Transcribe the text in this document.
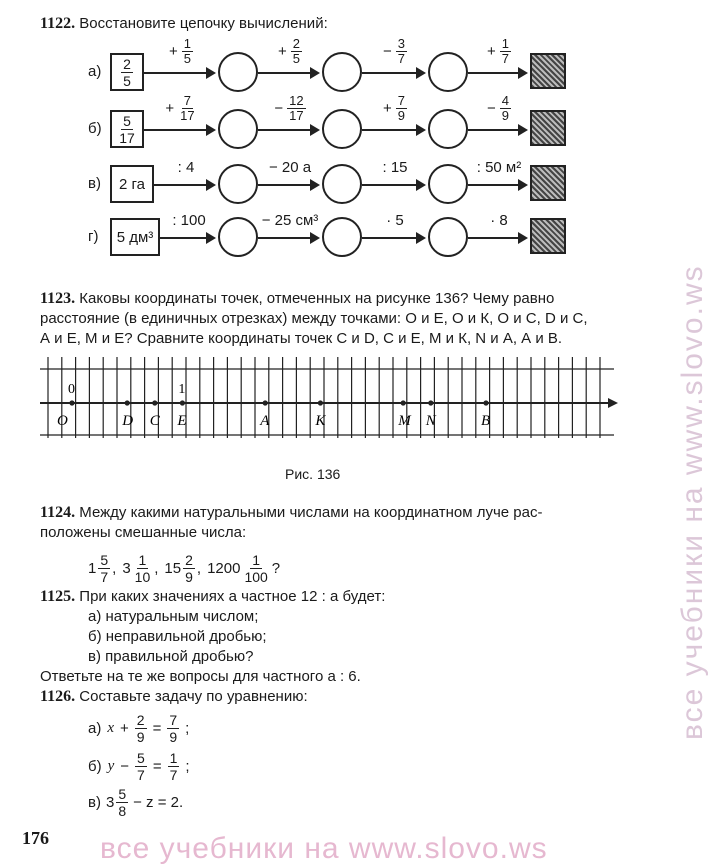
1122. Восстановите цепочку вычислений:
$а) \frac{2}{5}$
+ $\frac{1}{5}$	+ $\frac{2}{5}$	− $\frac{3}{7}$	+ $\frac{1}{7}$
$б) \frac{5}{17}$
+ $\frac{7}{17}$	− $\frac{12}{17}$	+ $\frac{7}{9}$	− $\frac{4}{9}$
в)	2 га
: 4	− 20 а	: 15	: 50 м²
г)	5 дм³
: 100	− 25 см³	· 5	· 8
1123. Каковы координаты точек, отмеченных на рисунке 136? Чему равно
расстояние (в единичных отрезках) между точками: О и Е, О и К, О и С, D и С,
А и Е, М и Е? Сравните координаты точек С и D, С и Е, М и К, N и А, А и В.
0	1
O	D C E	A	K	M N	B
Рис. 136
1124. Между какими натуральными числами на координатном луче рас-
положены смешанные числа:
$1 \frac{5}{7}$ , $3 \frac{1}{10}$ , $15 \frac{2}{9}$ , $1200 \frac{1}{100}$ ?
1125. При каких значениях а частное 12 : а будет:
а) натуральным числом;
б) неправильной дробью;
в) правильной дробью?
Ответьте на те же вопросы для частного а : 6.
1126. Составьте задачу по уравнению:
а) $x + \frac{2}{9} = \frac{7}{9}$ ;
б) $y - \frac{5}{7} = \frac{1}{7}$ ;
в) $3 \frac{5}{8} - z = 2$.
176 все учебники на www.slovo.ws
все учебники на www.slovo.ws
